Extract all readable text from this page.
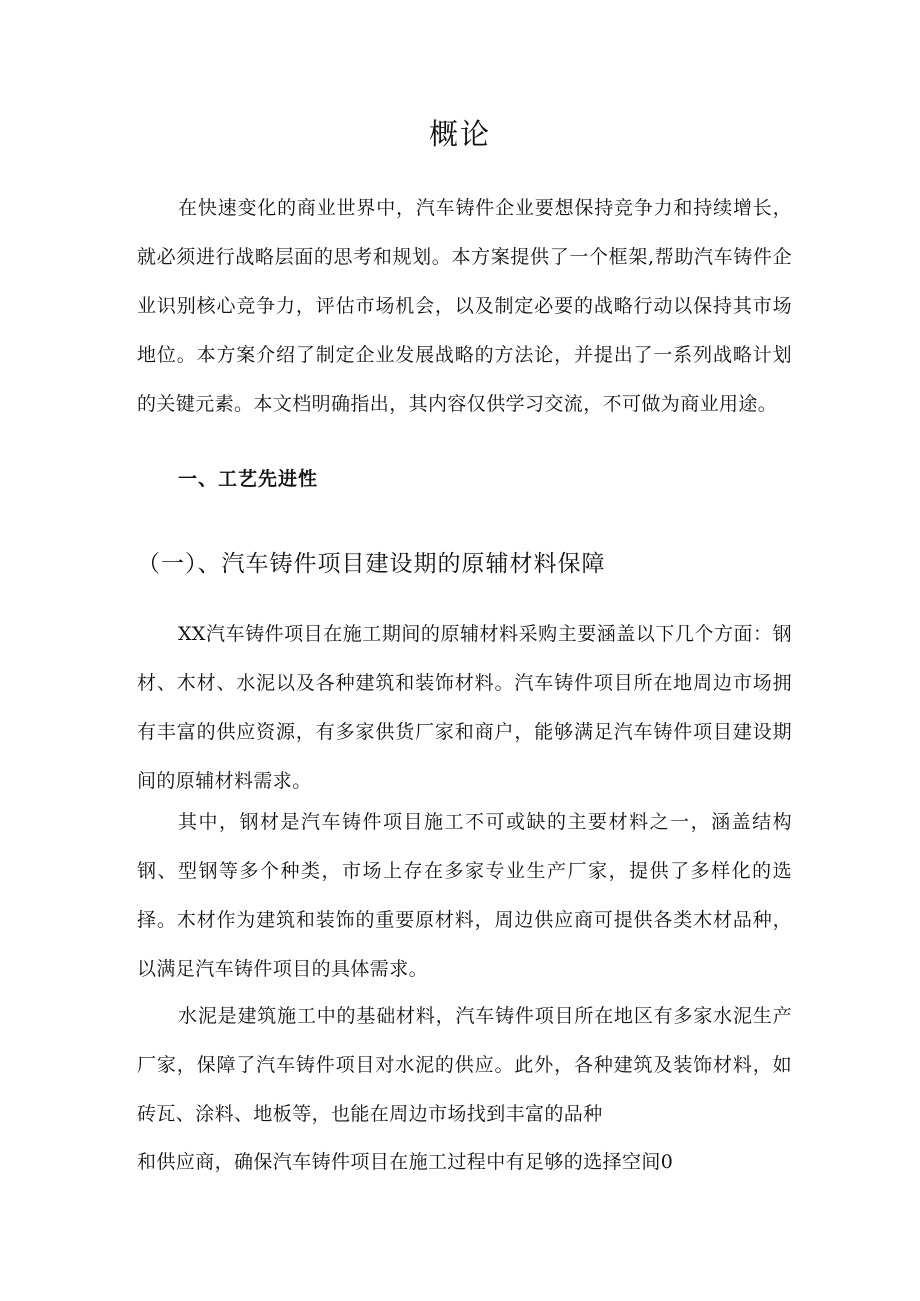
概论

在快速变化的商业世界中，汽车铸件企业要想保持竞争力和持续增长，就必须进行战略层面的思考和规划。本方案提供了一个框架,帮助汽车铸件企业识别核心竞争力，评估市场机会，以及制定必要的战略行动以保持其市场地位。本方案介绍了制定企业发展战略的方法论，并提出了一系列战略计划的关键元素。本文档明确指出，其内容仅供学习交流，不可做为商业用途。

一、工艺先进性
（一）、汽车铸件项目建设期的原辅材料保障

XX汽车铸件项目在施工期间的原辅材料采购主要涵盖以下几个方面：钢材、木材、水泥以及各种建筑和装饰材料。汽车铸件项目所在地周边市场拥有丰富的供应资源，有多家供货厂家和商户，能够满足汽车铸件项目建设期间的原辅材料需求。

其中，钢材是汽车铸件项目施工不可或缺的主要材料之一，涵盖结构钢、型钢等多个种类，市场上存在多家专业生产厂家，提供了多样化的选择。木材作为建筑和装饰的重要原材料，周边供应商可提供各类木材品种，以满足汽车铸件项目的具体需求。

水泥是建筑施工中的基础材料，汽车铸件项目所在地区有多家水泥生产厂家，保障了汽车铸件项目对水泥的供应。此外，各种建筑及装饰材料，如砖瓦、涂料、地板等，也能在周边市场找到丰富的品种

和供应商，确保汽车铸件项目在施工过程中有足够的选择空间0
